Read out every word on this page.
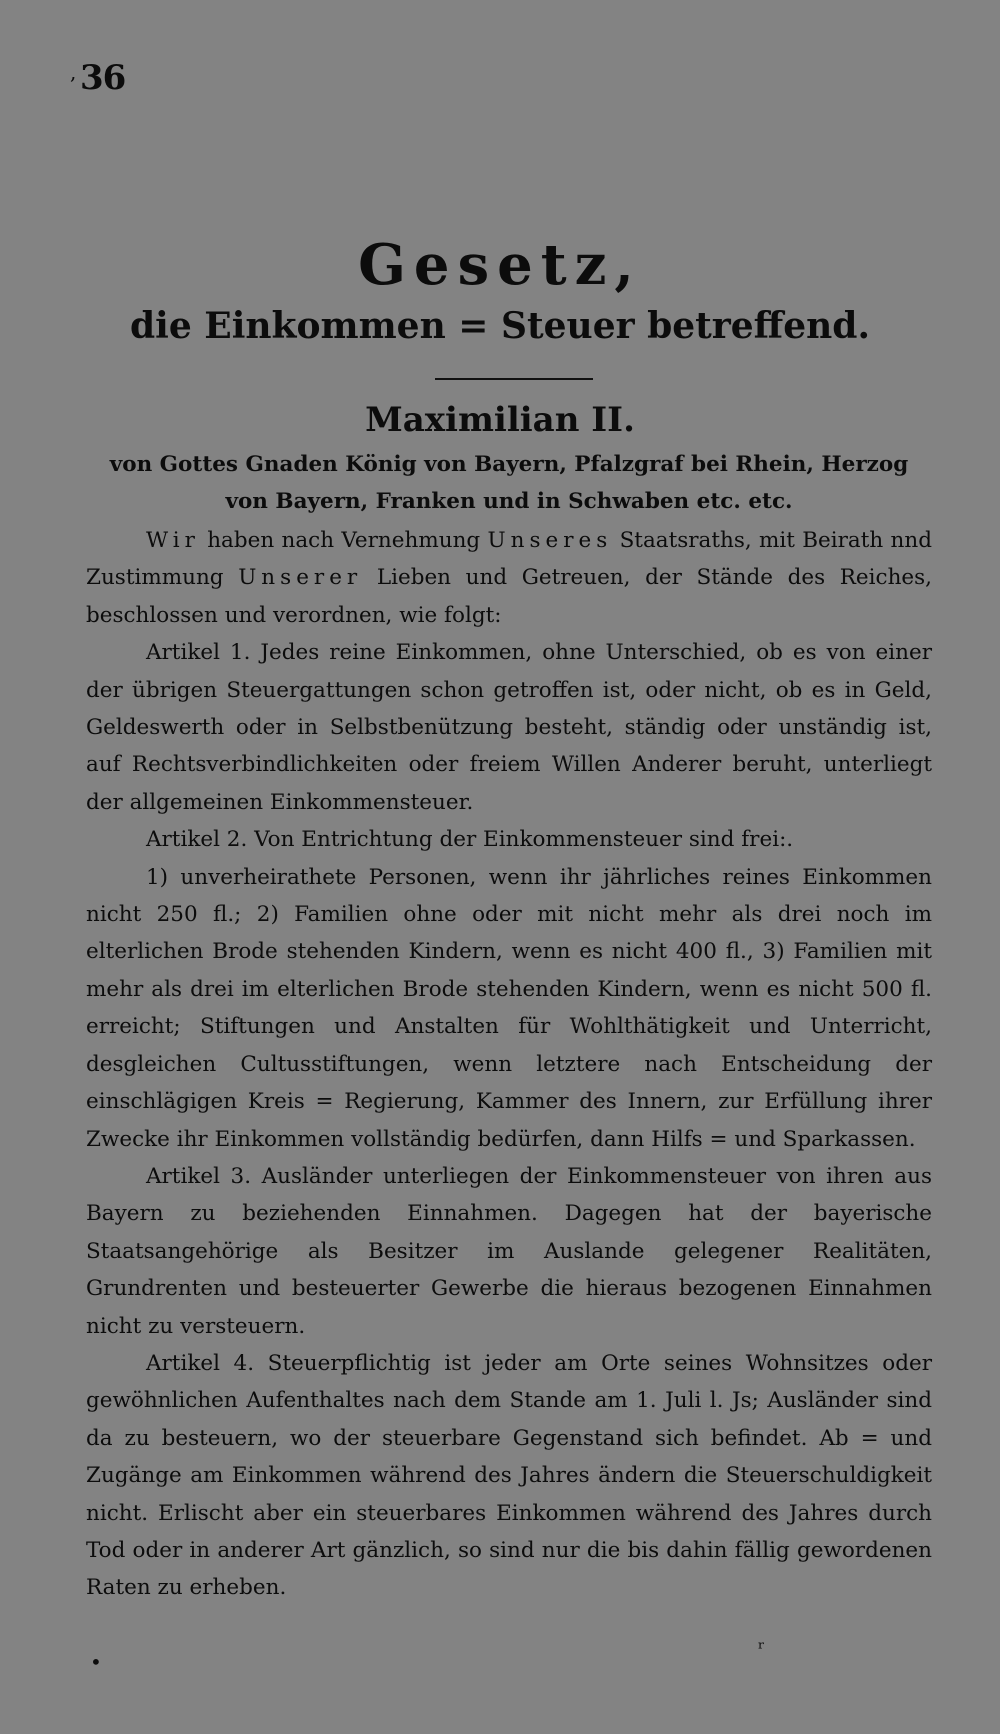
36
Gesetz,
die Einkommen = Steuer betreffend.
Maximilian II.
von Gottes Gnaden König von Bayern, Pfalzgraf bei Rhein, Herzog von Bayern, Franken und in Schwaben etc. etc.

Wir haben nach Vernehmung Unseres Staatsraths, mit Beirath nnd Zustimmung Unserer Lieben und Getreuen, der Stände des Reiches, beschlossen und verordnen, wie folgt:

Artikel 1. Jedes reine Einkommen, ohne Unterschied, ob es von einer der übrigen Steuergattungen schon getroffen ist, oder nicht, ob es in Geld, Geldeswerth oder in Selbstbenützung besteht, ständig oder unständig ist, auf Rechtsverbindlichkeiten oder freiem Willen Anderer beruht, unterliegt der allgemeinen Einkommensteuer.

Artikel 2. Von Entrichtung der Einkommensteuer sind frei:.

1) unverheirathete Personen, wenn ihr jährliches reines Einkommen nicht 250 fl.; 2) Familien ohne oder mit nicht mehr als drei noch im elterlichen Brode stehenden Kindern, wenn es nicht 400 fl., 3) Familien mit mehr als drei im elterlichen Brode stehenden Kindern, wenn es nicht 500 fl. erreicht; Stiftungen und Anstalten für Wohlthätigkeit und Unterricht, desgleichen Cultusstiftungen, wenn letztere nach Entscheidung der einschlägigen Kreis = Regierung, Kammer des Innern, zur Erfüllung ihrer Zwecke ihr Einkommen vollständig bedürfen, dann Hilfs = und Sparkassen.

Artikel 3. Ausländer unterliegen der Einkommensteuer von ihren aus Bayern zu beziehenden Einnahmen. Dagegen hat der bayerische Staatsangehörige als Besitzer im Auslande gelegener Realitäten, Grundrenten und besteuerter Gewerbe die hieraus bezogenen Einnahmen nicht zu versteuern.

Artikel 4. Steuerpflichtig ist jeder am Orte seines Wohnsitzes oder gewöhnlichen Aufenthaltes nach dem Stande am 1. Juli l. Js; Ausländer sind da zu besteuern, wo der steuerbare Gegenstand sich befindet. Ab = und Zugänge am Einkommen während des Jahres ändern die Steuerschuldigkeit nicht. Erlischt aber ein steuerbares Einkommen während des Jahres durch Tod oder in anderer Art gänzlich, so sind nur die bis dahin fällig gewordenen Raten zu erheben.

,
•
ʳ
